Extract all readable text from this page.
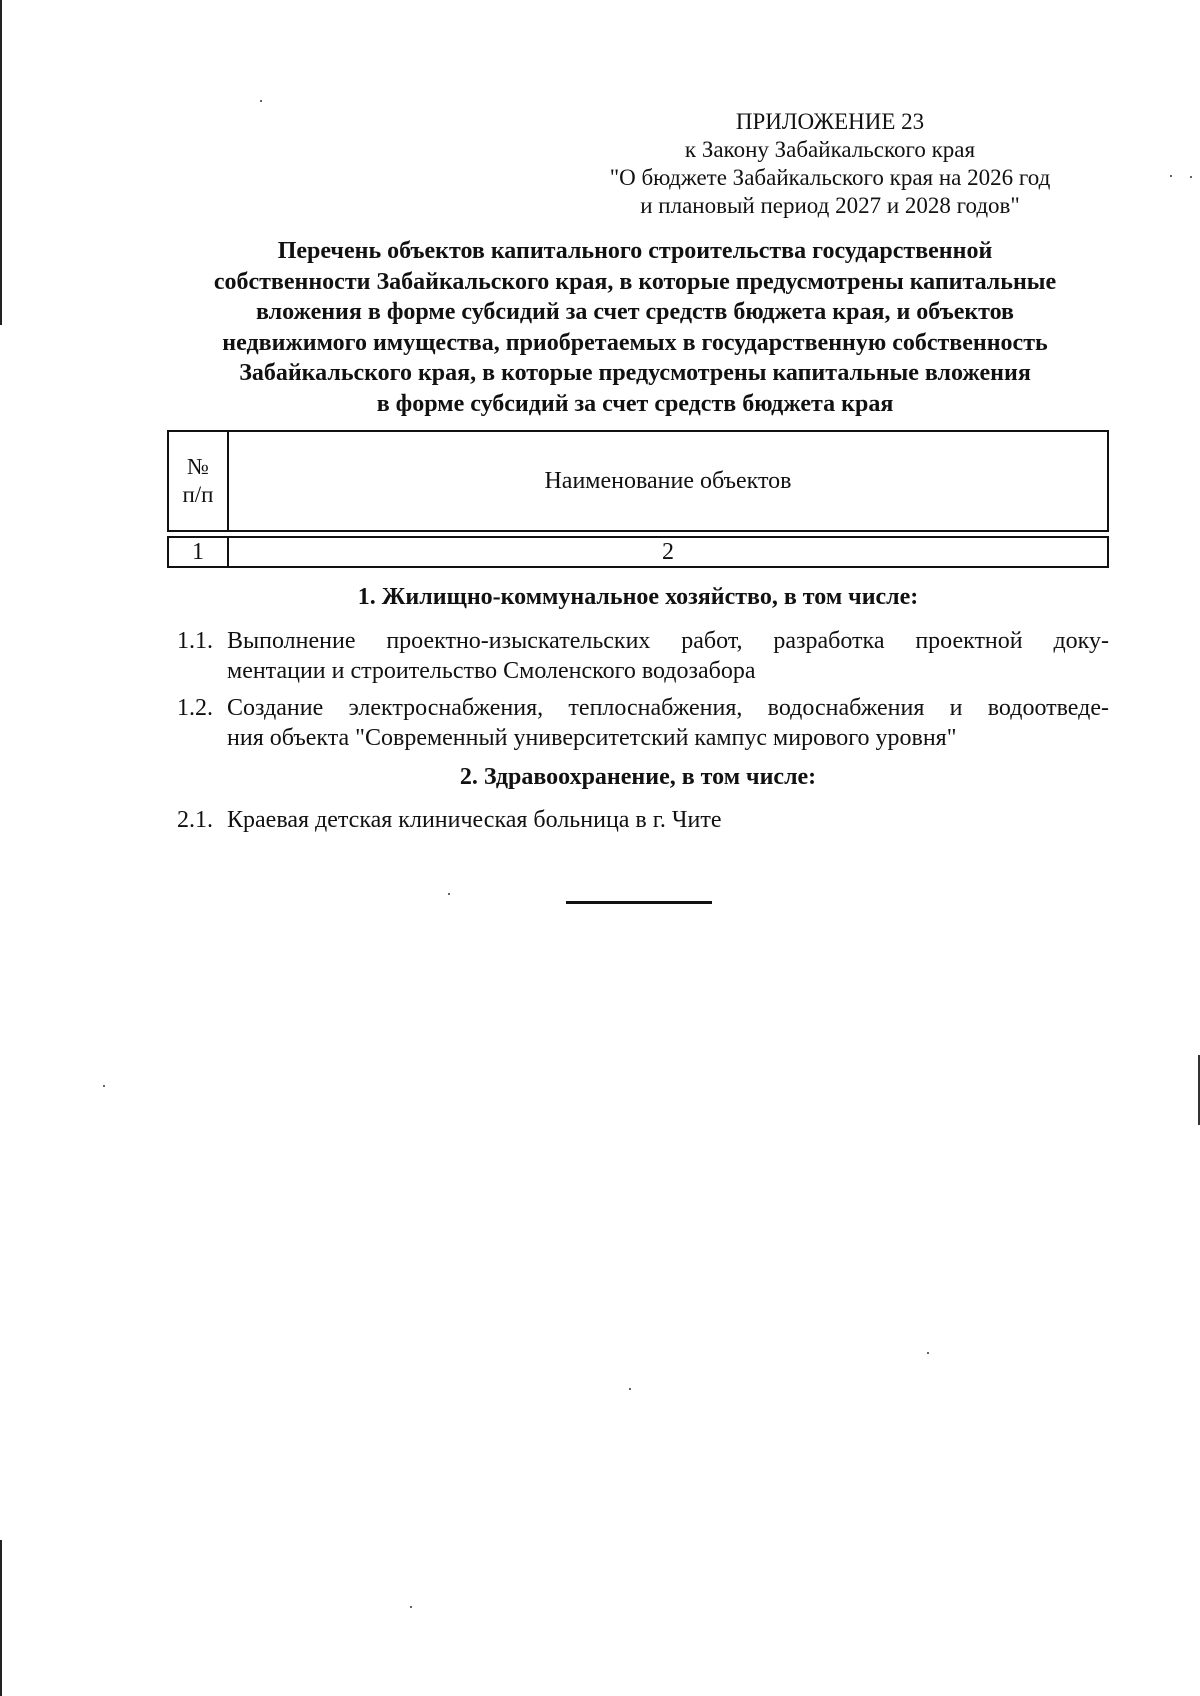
ПРИЛОЖЕНИЕ 23
к Закону Забайкальского края
"О бюджете Забайкальского края на 2026 год
и плановый период 2027 и 2028 годов"
Перечень объектов капитального строительства государственной
собственности Забайкальского края, в которые предусмотрены капитальные
вложения в форме субсидий за счет средств бюджета края, и объектов
недвижимого имущества, приобретаемых в государственную собственность
Забайкальского края, в которые предусмотрены капитальные вложения
в форме субсидий за счет средств бюджета края
№
п/п
Наименование объектов
1	2
1. Жилищно-коммунальное хозяйство, в том числе:
1.1. Выполнение проектно-изыскательских работ, разработка проектной доку-
ментации и строительство Смоленского водозабора
1.2. Создание электроснабжения, теплоснабжения, водоснабжения и водоотведе-
ния объекта "Современный университетский кампус мирового уровня"
2. Здравоохранение, в том числе:
2.1. Краевая детская клиническая больница в г. Чите
